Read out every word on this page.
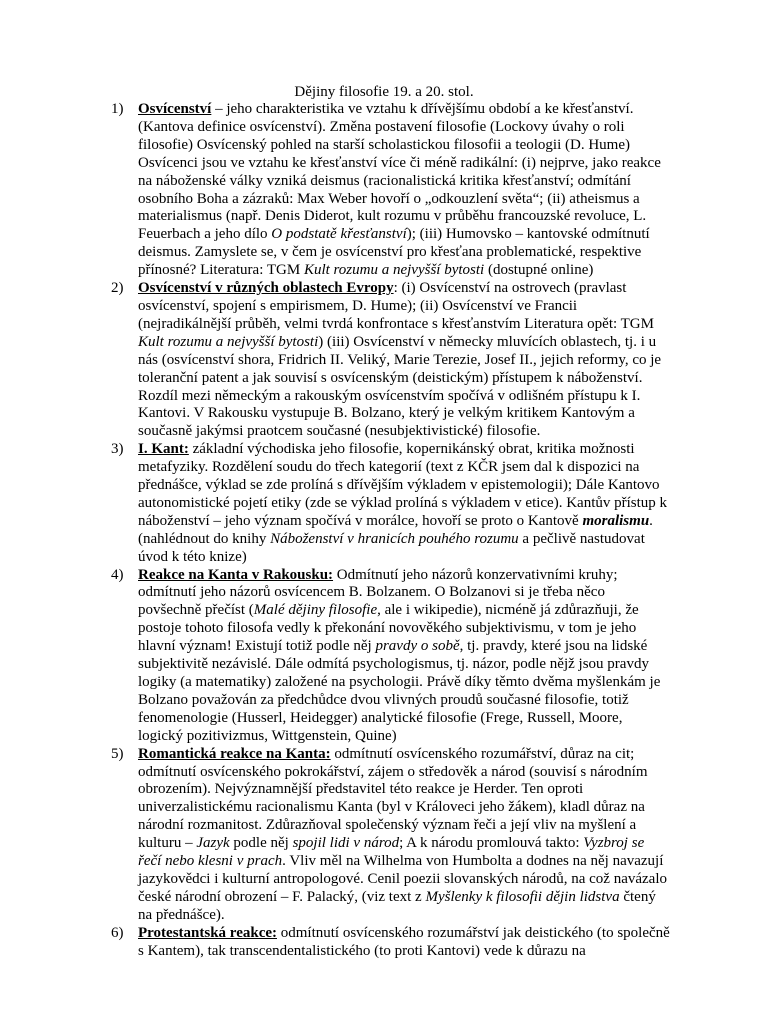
Dějiny filosofie 19. a 20. stol.
1) Osvícenství – jeho charakteristika ve vztahu k dřívějšímu období a ke křesťanství. (Kantova definice osvícenství). Změna postavení filosofie (Lockovy úvahy o roli filosofie) Osvícenský pohled na starší scholastickou filosofii a teologii (D. Hume) Osvícenci jsou ve vztahu ke křesťanství více či méně radikální: (i) nejprve, jako reakce na náboženské války vzniká deismus (racionalistická kritika křesťanství; odmítání osobního Boha a zázraků: Max Weber hovoří o „odkouzlení světa“; (ii) atheismus a materialismus (např. Denis Diderot, kult rozumu v průběhu francouzské revoluce, L. Feuerbach a jeho dílo O podstatě křesťanství); (iii) Humovsko – kantovské odmítnutí deismus. Zamyslete se, v čem je osvícenství pro křesťana problematické, respektive přínosné? Literatura: TGM Kult rozumu a nejvyšší bytosti (dostupné online)
2) Osvícenství v různých oblastech Evropy: (i) Osvícenství na ostrovech (pravlast osvícenství, spojení s empirismem, D. Hume); (ii) Osvícenství ve Francii (nejradikálnější průběh, velmi tvrdá konfrontace s křesťanstvím Literatura opět: TGM Kult rozumu a nejvyšší bytosti) (iii) Osvícenství v německy mluvících oblastech, tj. i u nás (osvícenství shora, Fridrich II. Veliký, Marie Terezie, Josef II., jejich reformy, co je toleranční patent a jak souvisí s osvícenským (deistickým) přístupem k náboženství. Rozdíl mezi německým a rakouským osvícenstvím spočívá v odlišném přístupu k I. Kantovi. V Rakousku vystupuje B. Bolzano, který je velkým kritikem Kantovým a současně jakýmsi praotcem současné (nesubjektivistické) filosofie.
3) I. Kant: základní východiska jeho filosofie, kopernikánský obrat, kritika možnosti metafyziky. Rozdělení soudu do třech kategorií (text z KČR jsem dal k dispozici na přednášce, výklad se zde prolíná s dřívějším výkladem v epistemologii); Dále Kantovo autonomistické pojetí etiky (zde se výklad prolíná s výkladem v etice). Kantův přístup k náboženství – jeho význam spočívá v morálce, hovoří se proto o Kantově moralismu. (nahlédnout do knihy Náboženství v hranicích pouhého rozumu a pečlivě nastudovat úvod k této knize)
4) Reakce na Kanta v Rakousku: Odmítnutí jeho názorů konzervativními kruhy; odmítnutí jeho názorů osvícencem B. Bolzanem. O Bolzanovi si je třeba něco povšechně přečíst (Malé dějiny filosofie, ale i wikipedie), nicméně já zdůrazňuji, že postoje tohoto filosofa vedly k překonání novověkého subjektivismu, v tom je jeho hlavní význam! Existují totiž podle něj pravdy o sobě, tj. pravdy, které jsou na lidské subjektivitě nezávislé. Dále odmítá psychologismus, tj. názor, podle nějž jsou pravdy logiky (a matematiky) založené na psychologii. Právě díky těmto dvěma myšlenkám je Bolzano považován za předchůdce dvou vlivných proudů současné filosofie, totiž fenomenologie (Husserl, Heidegger) analytické filosofie (Frege, Russell, Moore, logický pozitivizmus, Wittgenstein, Quine)
5) Romantická reakce na Kanta: odmítnutí osvícenského rozumářství, důraz na cit; odmítnutí osvícenského pokrokářství, zájem o středověk a národ (souvisí s národním obrozením). Nejvýznamnější představitel této reakce je Herder. Ten oproti univerzalistickému racionalismu Kanta (byl v Královeci jeho žákem), kladl důraz na národní rozmanitost. Zdůrazňoval společenský význam řeči a její vliv na myšlení a kulturu – Jazyk podle něj spojil lidi v národ; A k národu promlouvá takto: Vyzbroj se řečí nebo klesni v prach. Vliv měl na Wilhelma von Humbolta a dodnes na něj navazují jazykovědci i kulturní antropologové. Cenil poezii slovanských národů, na což navázalo české národní obrození – F. Palacký, (viz text z Myšlenky k filosofii dějin lidstva čtený na přednášce).
6) Protestantská reakce: odmítnutí osvícenského rozumářství jak deistického (to společně s Kantem), tak transcendentalistického (to proti Kantovi) vede k důrazu na
